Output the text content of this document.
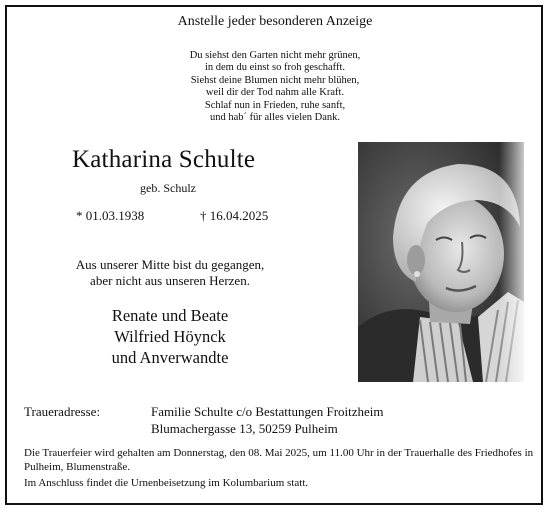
Anstelle jeder besonderen Anzeige
Du siehst den Garten nicht mehr grünen,
in dem du einst so froh geschafft.
Siehst deine Blumen nicht mehr blühen,
weil dir der Tod nahm alle Kraft.
Schlaf nun in Frieden, ruhe sanft,
und hab´ für alles vielen Dank.
Katharina Schulte
geb. Schulz
* 01.03.1938	† 16.04.2025
Aus unserer Mitte bist du gegangen,
aber nicht aus unseren Herzen.
Renate und Beate
Wilfried Höynck
und Anverwandte
Traueradresse:	Familie Schulte c/o Bestattungen Froitzheim
Blumachergasse 13, 50259 Pulheim
Die Trauerfeier wird gehalten am Donnerstag, den 08. Mai 2025, um 11.00 Uhr in der Trauerhalle des Friedhofes in Pulheim, Blumenstraße.
Im Anschluss findet die Urnenbeisetzung im Kolumbarium statt.
